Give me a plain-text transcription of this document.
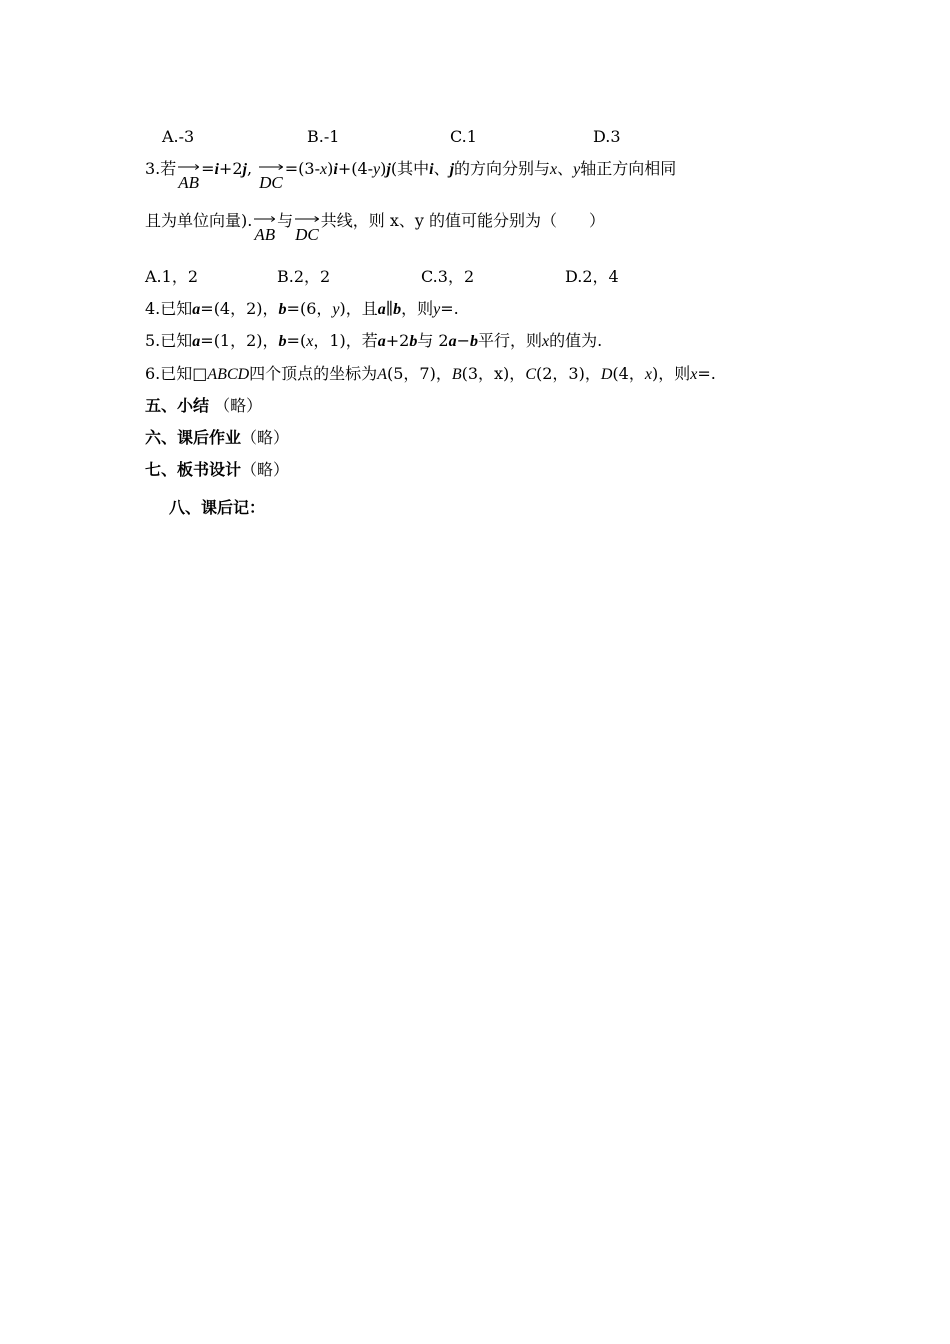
A.-3	B.-1	C.1	D.3
3.若
AB=i+2j,
DC=(3-x)i+(4-y)j(其中i、j的方向分别与x、y轴正方向相同
且为单位向量).
AB与
DC共线，则 x、y 的值可能分别为（　　）
A.1，2	B.2，2	C.3，2	D.2，4
4.已知a=(4，2)，b=(6，y)，且a∥b，则y=.
5.已知a=(1，2)，b=(x，1)，若a+2b与 2a−b平行，则x的值为.
6.已知□ABCD四个顶点的坐标为A(5，7)，B(3，x)，C(2，3)，D(4，x)，则x=.
五、小结 （略）
六、课后作业（略）
七、板书设计（略）
八、课后记：
